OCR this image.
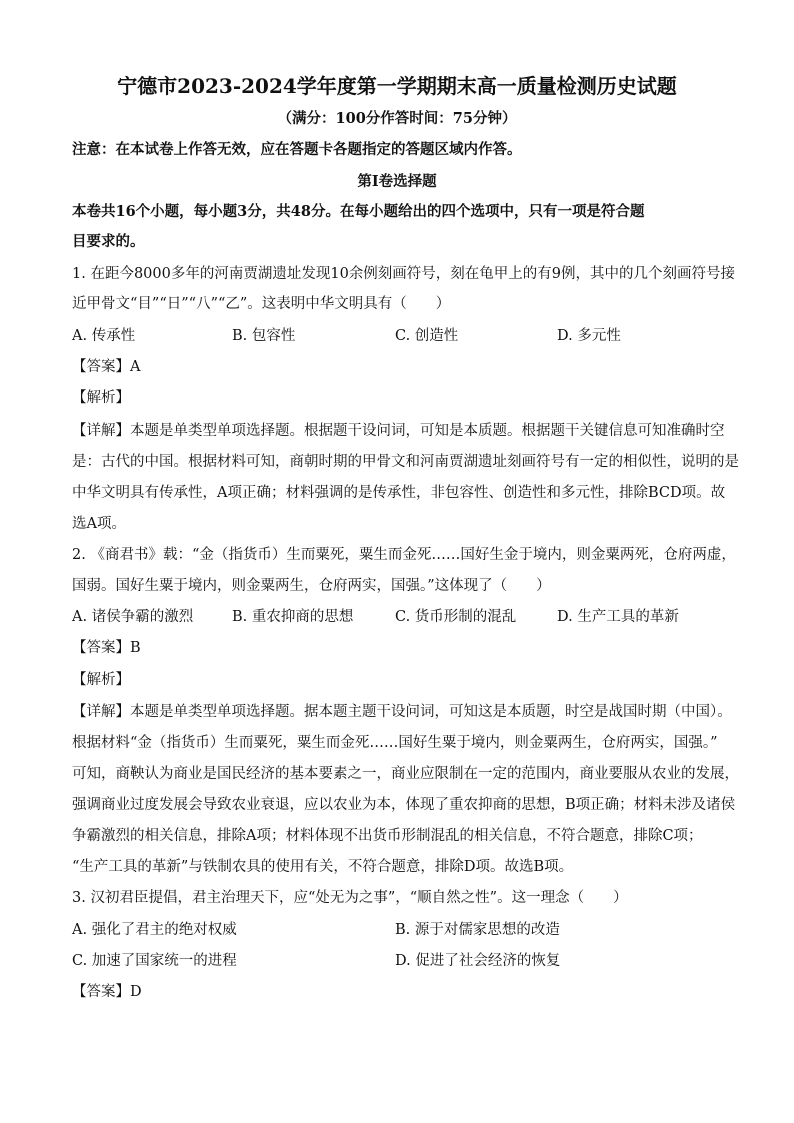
宁德市2023-2024学年度第一学期期末高一质量检测历史试题
（满分：100分作答时间：75分钟）
注意：在本试卷上作答无效，应在答题卡各题指定的答题区域内作答。
第Ⅰ卷选择题
本卷共16个小题，每小题3分，共48分。在每小题给出的四个选项中，只有一项是符合题
目要求的。
1. 在距今8000多年的河南贾湖遗址发现10余例刻画符号，刻在龟甲上的有9例，其中的几个刻画符号接
近甲骨文“目”“日”“八”“乙”。这表明中华文明具有（　　）
A. 传承性	B. 包容性	C. 创造性	D. 多元性
【答案】A
【解析】
【详解】本题是单类型单项选择题。根据题干设问词，可知是本质题。根据题干关键信息可知准确时空
是：古代的中国。根据材料可知，商朝时期的甲骨文和河南贾湖遗址刻画符号有一定的相似性，说明的是
中华文明具有传承性，A项正确；材料强调的是传承性，非包容性、创造性和多元性，排除BCD项。故
选A项。
2. 《商君书》载：“金（指货币）生而粟死，粟生而金死……国好生金于境内，则金粟两死，仓府两虚，
国弱。国好生粟于境内，则金粟两生，仓府两实，国强。”这体现了（　　）
A. 诸侯争霸的激烈	B. 重农抑商的思想	C. 货币形制的混乱	D. 生产工具的革新
【答案】B
【解析】
【详解】本题是单类型单项选择题。据本题主题干设问词，可知这是本质题，时空是战国时期（中国）。
根据材料“金（指货币）生而粟死，粟生而金死……国好生粟于境内，则金粟两生，仓府两实，国强。”
可知，商鞅认为商业是国民经济的基本要素之一，商业应限制在一定的范围内，商业要服从农业的发展，
强调商业过度发展会导致农业衰退，应以农业为本，体现了重农抑商的思想，B项正确；材料未涉及诸侯
争霸激烈的相关信息，排除A项；材料体现不出货币形制混乱的相关信息，不符合题意，排除C项；
“生产工具的革新”与铁制农具的使用有关，不符合题意，排除D项。故选B项。
3. 汉初君臣提倡，君主治理天下，应“处无为之事”，“顺自然之性”。这一理念（　　）
A. 强化了君主的绝对权威	B. 源于对儒家思想的改造
C. 加速了国家统一的进程	D. 促进了社会经济的恢复
【答案】D
